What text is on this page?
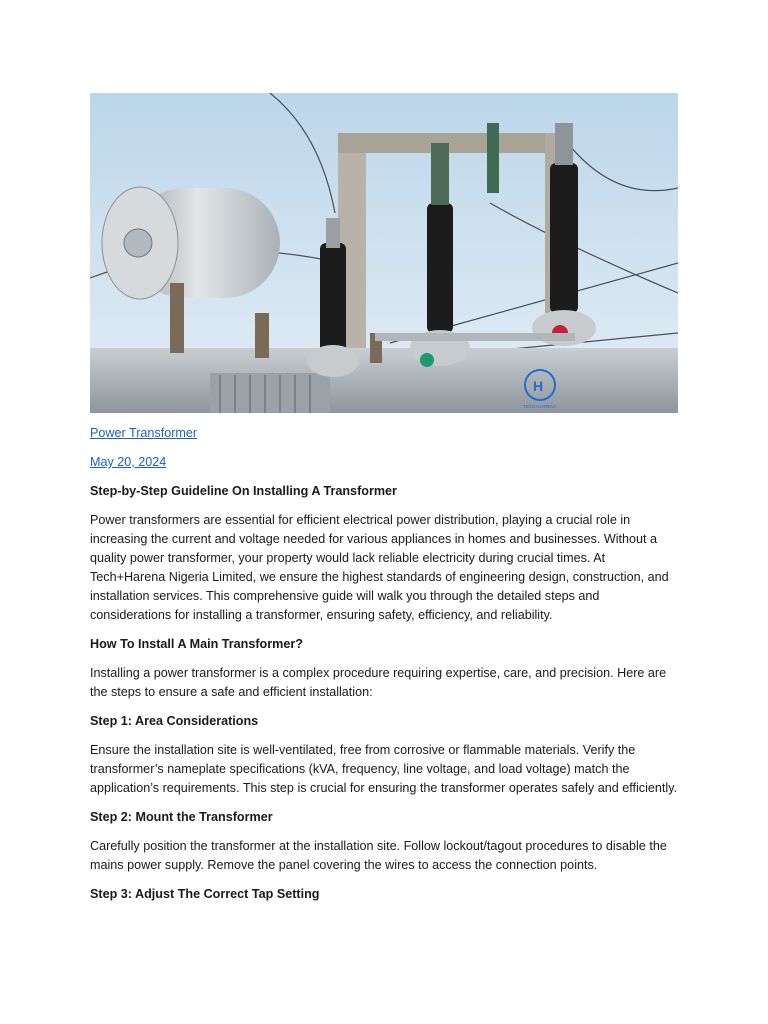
H
TECH+HARENA

Power Transformer

May 20, 2024

Step-by-Step Guideline On Installing A Transformer

Power transformers are essential for efficient electrical power distribution, playing a crucial role in increasing the current and voltage needed for various appliances in homes and businesses. Without a quality power transformer, your property would lack reliable electricity during crucial times. At Tech+Harena Nigeria Limited, we ensure the highest standards of engineering design, construction, and installation services. This comprehensive guide will walk you through the detailed steps and considerations for installing a transformer, ensuring safety, efficiency, and reliability.

How To Install A Main Transformer?

Installing a power transformer is a complex procedure requiring expertise, care, and precision. Here are the steps to ensure a safe and efficient installation:

Step 1: Area Considerations

Ensure the installation site is well-ventilated, free from corrosive or flammable materials. Verify the transformer’s nameplate specifications (kVA, frequency, line voltage, and load voltage) match the application’s requirements. This step is crucial for ensuring the transformer operates safely and efficiently.

Step 2: Mount the Transformer

Carefully position the transformer at the installation site. Follow lockout/tagout procedures to disable the mains power supply. Remove the panel covering the wires to access the connection points.

Step 3: Adjust The Correct Tap Setting
